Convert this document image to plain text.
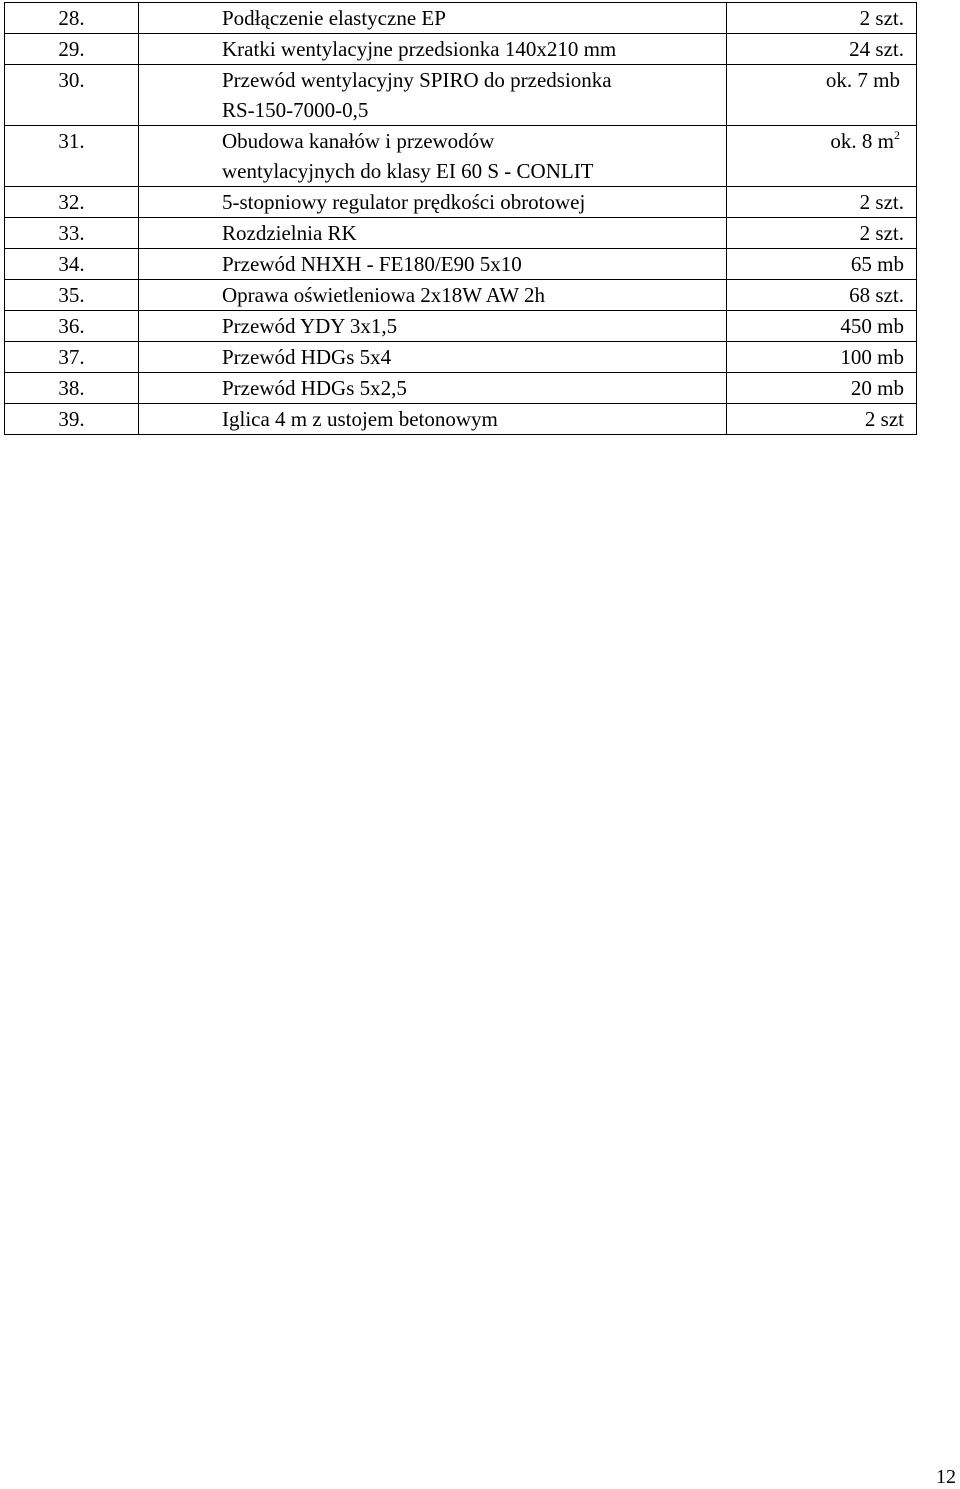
28.	Podłączenie elastyczne EP	2 szt.
29.	Kratki wentylacyjne przedsionka 140x210 mm	24 szt.
30.	Przewód wentylacyjny SPIRO do przedsionka
RS-150-7000-0,5	ok. 7 mb
31.	Obudowa kanałów i przewodów
wentylacyjnych do klasy EI 60 S - CONLIT	ok. 8 $m^2$
32.	5-stopniowy regulator prędkości obrotowej	2 szt.
33.	Rozdzielnia RK	2 szt.
34.	Przewód NHXH - FE180/E90 5x10	65 mb
35.	Oprawa oświetleniowa 2x18W AW 2h	68 szt.
36.	Przewód YDY 3x1,5	450 mb
37.	Przewód HDGs 5x4	100 mb
38.	Przewód HDGs 5x2,5	20 mb
39.	Iglica 4 m z ustojem betonowym	2 szt
12
